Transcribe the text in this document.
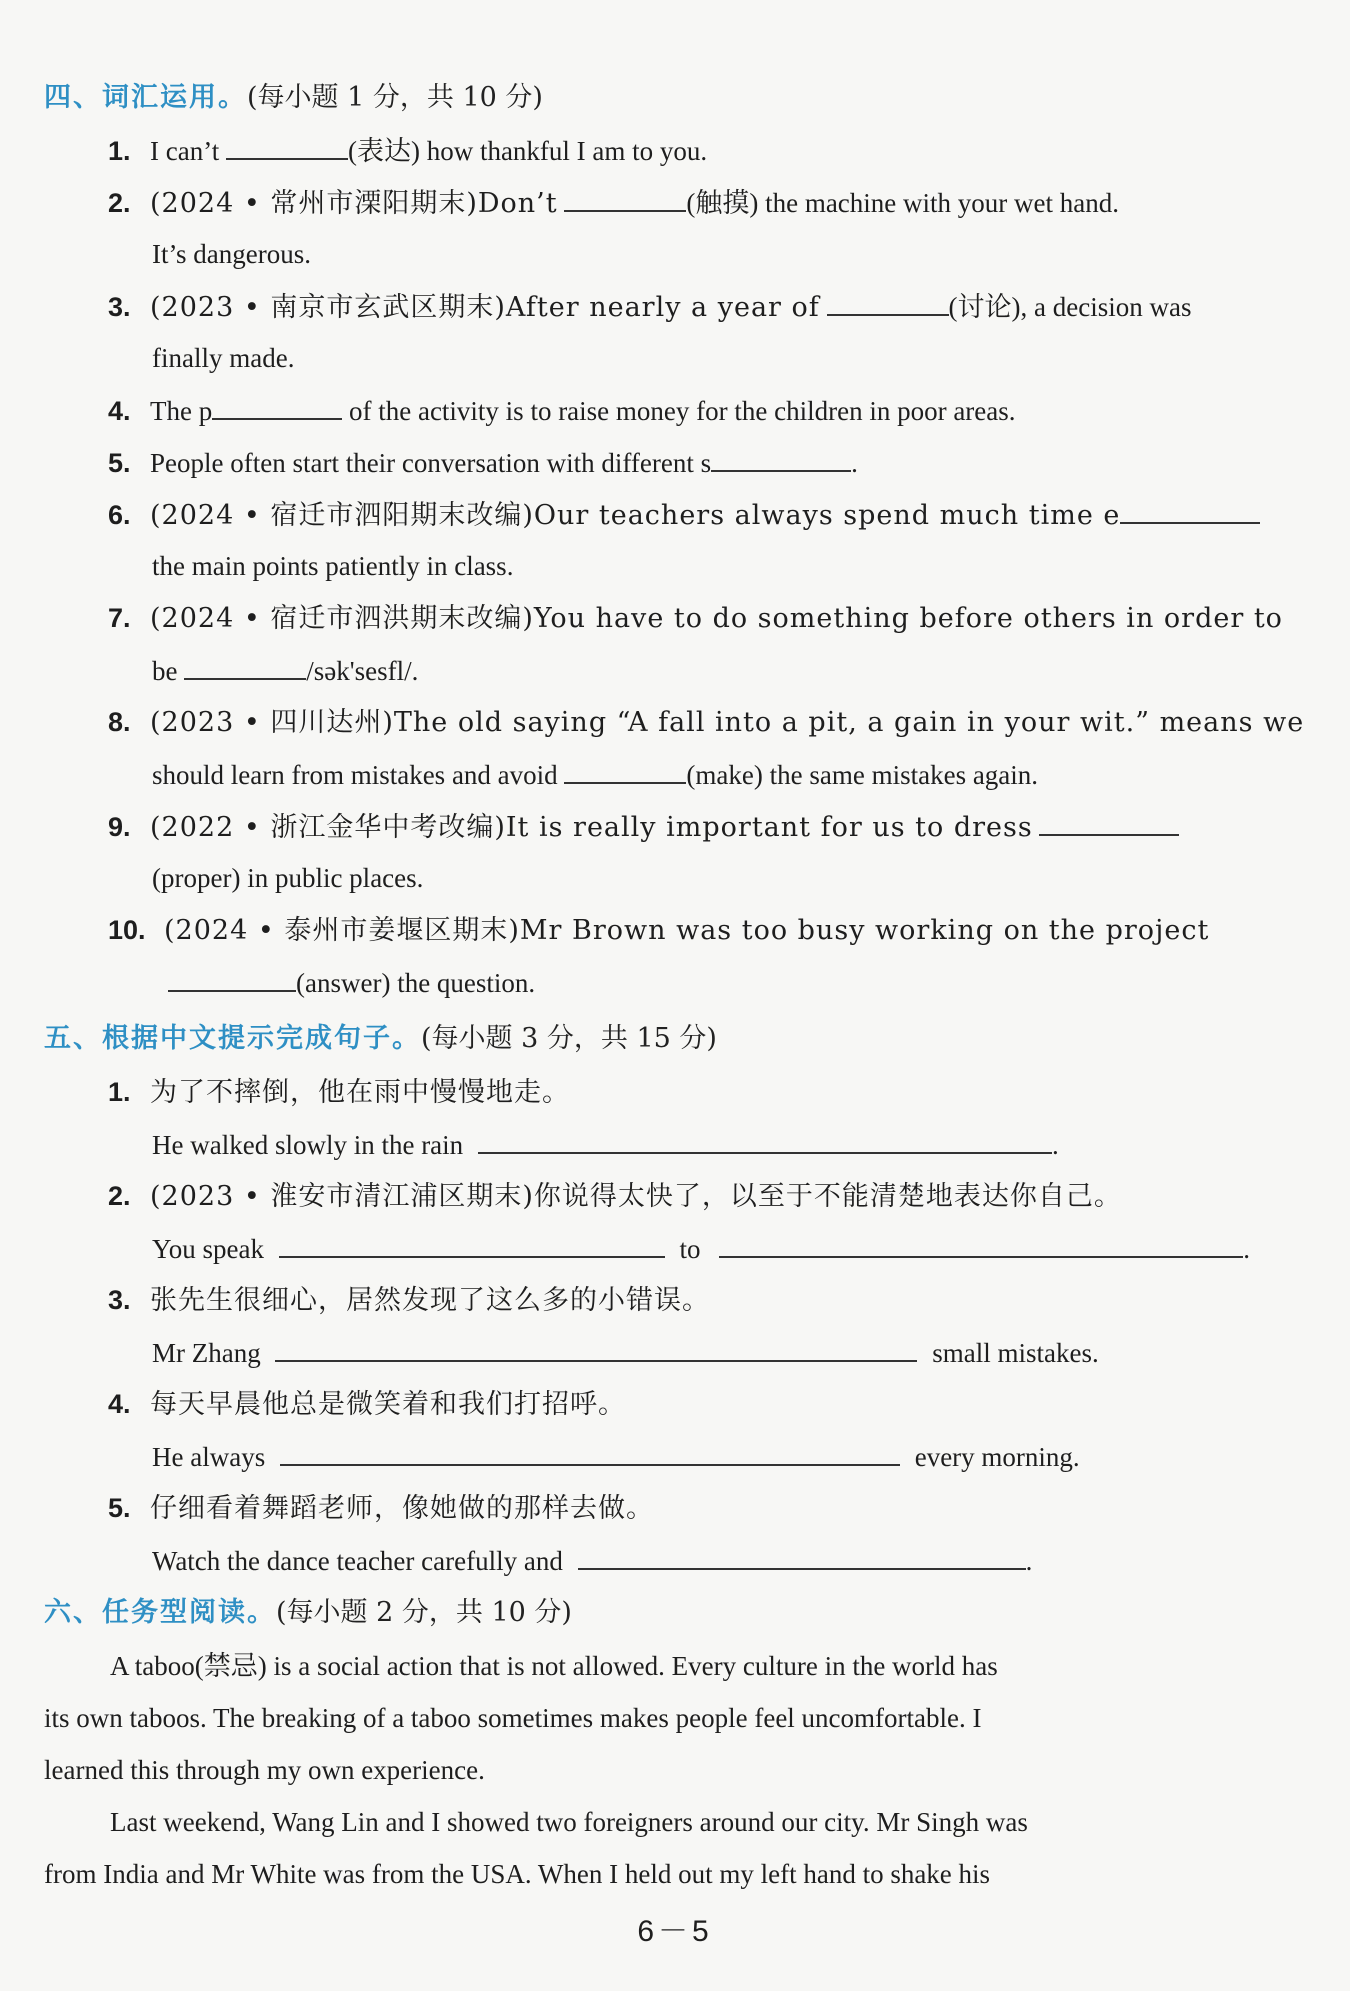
四、词汇运用。(每小题 1 分，共 10 分)
1. I can’t	(表达) how thankful I am to you.
2. (2024 • 常州市溧阳期末)Don’t	(触摸) the machine with your wet hand.
It’s dangerous.
3. (2023 • 南京市玄武区期末)After nearly a year of	(讨论), a decision was
finally made.
4. The p	of the activity is to raise money for the children in poor areas.
5. People often start their conversation with different s	.
6. (2024 • 宿迁市泗阳期末改编)Our teachers always spend much time e
the main points patiently in class.
7. (2024 • 宿迁市泗洪期末改编)You have to do something before others in order to
be	/sək'sesfl/.
8. (2023 • 四川达州)The old saying “A fall into a pit, a gain in your wit.” means we
should learn from mistakes and avoid	(make) the same mistakes again.
9. (2022 • 浙江金华中考改编)It is really important for us to dress
(proper) in public places.
10. (2024 • 泰州市姜堰区期末)Mr Brown was too busy working on the project
(answer) the question.
五、根据中文提示完成句子。(每小题 3 分，共 15 分)
1. 为了不摔倒，他在雨中慢慢地走。
He walked slowly in the rain	.
2. (2023 • 淮安市清江浦区期末)你说得太快了，以至于不能清楚地表达你自己。
You speak	to	.
3. 张先生很细心，居然发现了这么多的小错误。
Mr Zhang	small mistakes.
4. 每天早晨他总是微笑着和我们打招呼。
He always	every morning.
5. 仔细看着舞蹈老师，像她做的那样去做。
Watch the dance teacher carefully and	.
六、任务型阅读。(每小题 2 分，共 10 分)
A taboo(禁忌) is a social action that is not allowed. Every culture in the world has
its own taboos. The breaking of a taboo sometimes makes people feel uncomfortable. I
learned this through my own experience.
Last weekend, Wang Lin and I showed two foreigners around our city. Mr Singh was
from India and Mr White was from the USA. When I held out my left hand to shake his
6－5
